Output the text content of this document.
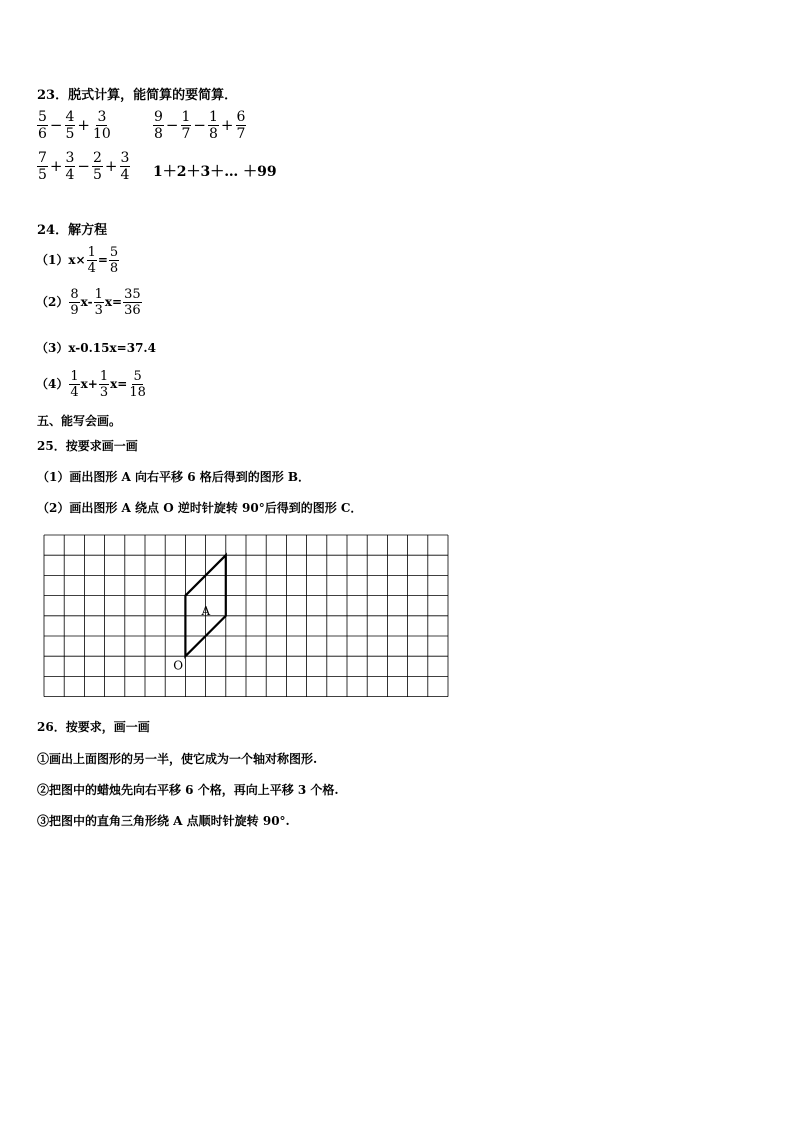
23．脱式计算，能简算的要简算．
$\frac{5}{6} - \frac{4}{5} + \frac{3}{10}$	$\frac{9}{8} - \frac{1}{7} - \frac{1}{8} + \frac{6}{7}$
$\frac{7}{5} + \frac{3}{4} - \frac{2}{5} + \frac{3}{4}$ 1＋2＋3＋… ＋99
24．解方程
$(1)x\times \frac{1}{4} = \frac{5}{8}$
$(2) \frac{8}{9} x- \frac{1}{3} x= \frac{35}{36}$
（3）x-0.15x=37.4
$(4) \frac{1}{4} x+ \frac{1}{3} x= \frac{5}{18}$
五、能写会画。
25．按要求画一画
（1）画出图形 A 向右平移 6 格后得到的图形 B．
（2）画出图形 A 绕点 O 逆时针旋转 90°后得到的图形 C．
A
O
26．按要求，画一画
①画出上面图形的另一半，使它成为一个轴对称图形.
②把图中的蜡烛先向右平移 6 个格，再向上平移 3 个格.
③把图中的直角三角形绕 A 点顺时针旋转 90°.
